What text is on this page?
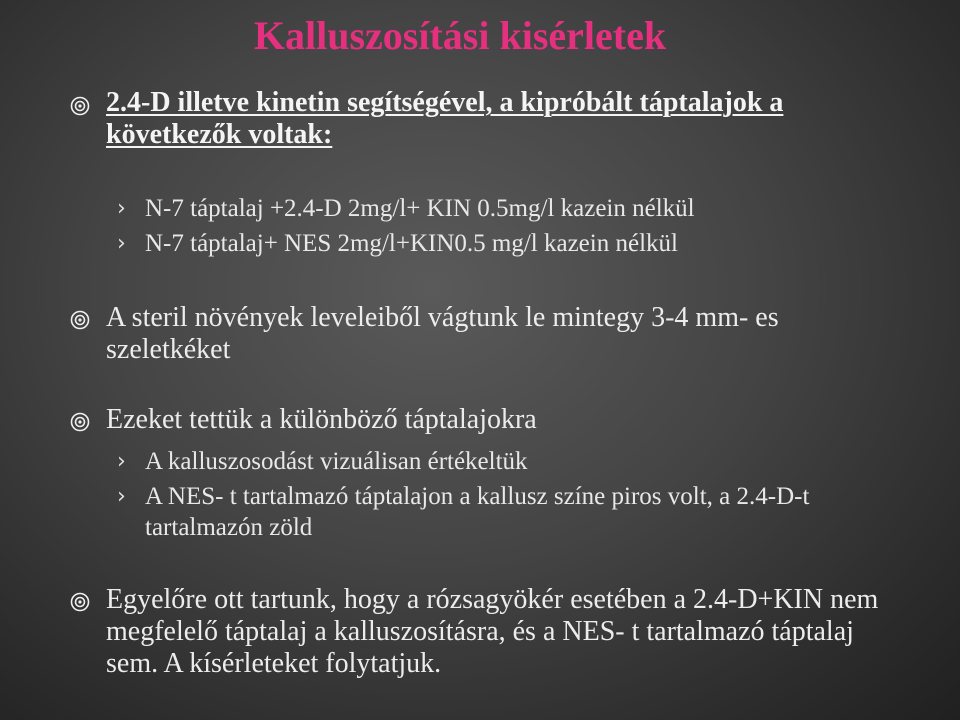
Kalluszosítási kisérletek
2.4-D illetve kinetin segítségével, a kipróbált táptalajok a következők voltak:
› N-7 táptalaj +2.4-D 2mg/l+ KIN 0.5mg/l kazein nélkül
› N-7 táptalaj+ NES 2mg/l+KIN0.5 mg/l kazein nélkül
A steril növények leveleiből vágtunk le mintegy 3-4 mm- es szeletkéket
Ezeket tettük a különböző táptalajokra
› A kalluszosodást vizuálisan értékeltük
› A NES- t tartalmazó táptalajon a kallusz színe piros volt, a 2.4-D-t tartalmazón zöld
Egyelőre ott tartunk, hogy a rózsagyökér esetében a 2.4-D+KIN nem megfelelő táptalaj a kalluszosításra, és a NES- t tartalmazó táptalaj sem. A kísérleteket folytatjuk.
